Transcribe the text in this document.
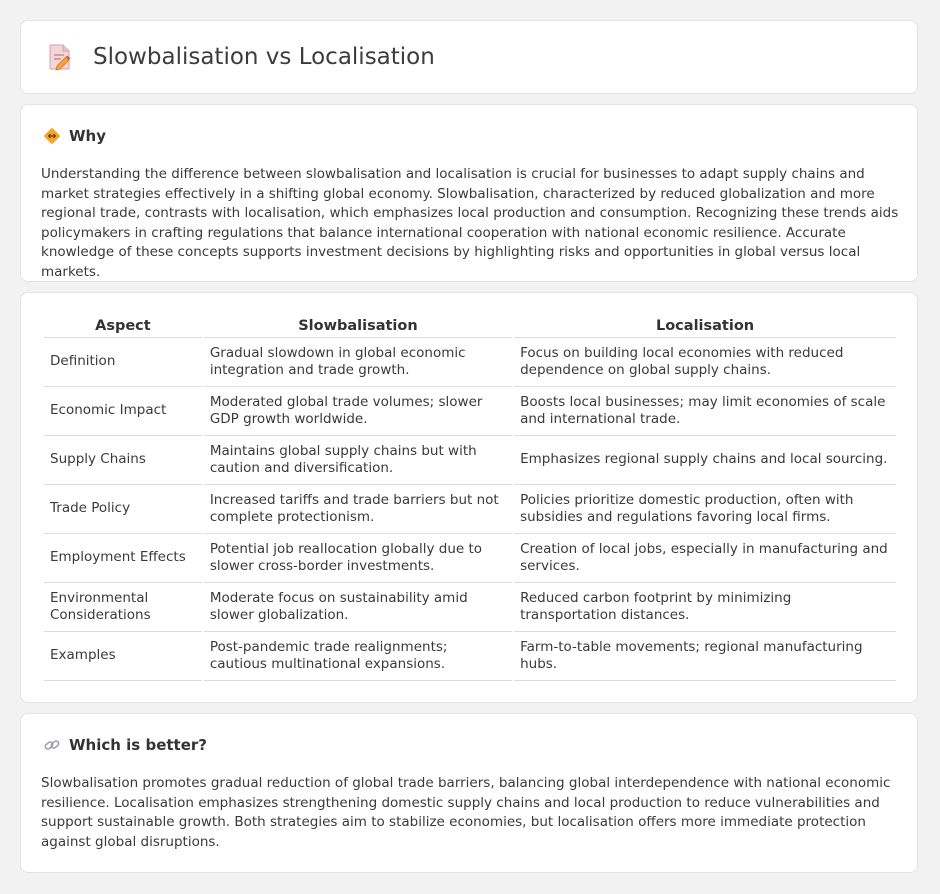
Slowbalisation vs Localisation
Why
Understanding the difference between slowbalisation and localisation is crucial for businesses to adapt supply chains and market strategies effectively in a shifting global economy. Slowbalisation, characterized by reduced globalization and more regional trade, contrasts with localisation, which emphasizes local production and consumption. Recognizing these trends aids policymakers in crafting regulations that balance international cooperation with national economic resilience. Accurate knowledge of these concepts supports investment decisions by highlighting risks and opportunities in global versus local markets.
Aspect	Slowbalisation	Localisation
Definition	Gradual slowdown in global economic integration and trade growth.	Focus on building local economies with reduced dependence on global supply chains.
Economic Impact	Moderated global trade volumes; slower GDP growth worldwide.	Boosts local businesses; may limit economies of scale and international trade.
Supply Chains	Maintains global supply chains but with caution and diversification.	Emphasizes regional supply chains and local sourcing.
Trade Policy	Increased tariffs and trade barriers but not complete protectionism.	Policies prioritize domestic production, often with subsidies and regulations favoring local firms.
Employment Effects	Potential job reallocation globally due to slower cross-border investments.	Creation of local jobs, especially in manufacturing and services.
Environmental Considerations	Moderate focus on sustainability amid slower globalization.	Reduced carbon footprint by minimizing transportation distances.
Examples	Post-pandemic trade realignments; cautious multinational expansions.	Farm-to-table movements; regional manufacturing hubs.
Which is better?
Slowbalisation promotes gradual reduction of global trade barriers, balancing global interdependence with national economic resilience. Localisation emphasizes strengthening domestic supply chains and local production to reduce vulnerabilities and support sustainable growth. Both strategies aim to stabilize economies, but localisation offers more immediate protection against global disruptions.
